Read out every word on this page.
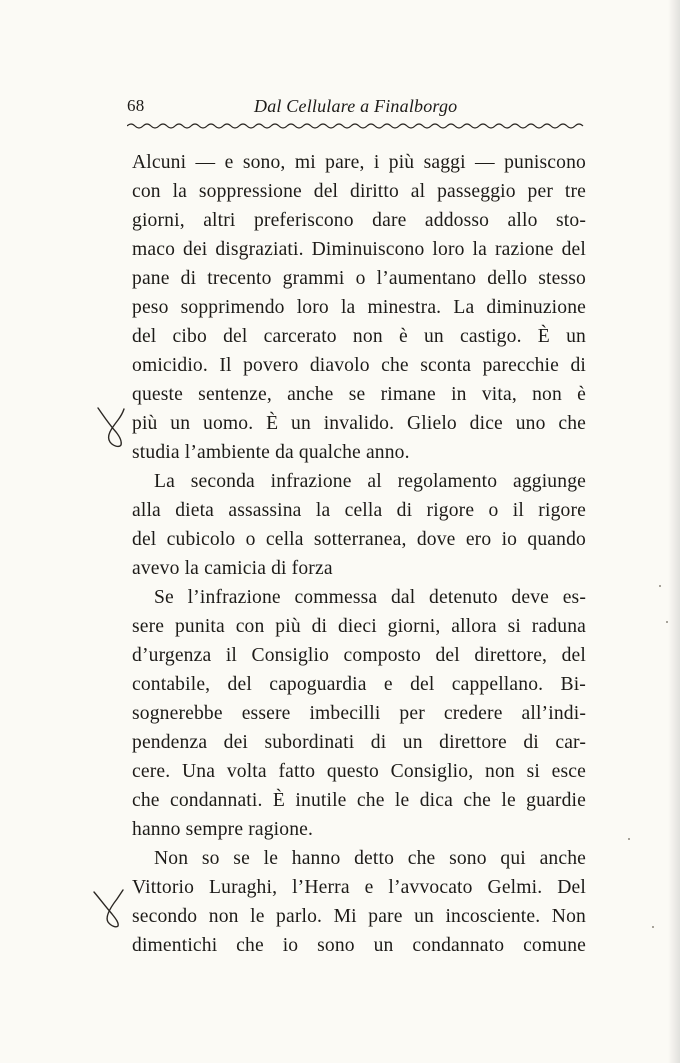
68	Dal Cellulare a Finalborgo
Alcuni — e sono, mi pare, i più saggi — puniscono
con la soppressione del diritto al passeggio per tre
giorni, altri preferiscono dare addosso allo sto-
maco dei disgraziati. Diminuiscono loro la razione del
pane di trecento grammi o l’aumentano dello stesso
peso sopprimendo loro la minestra. La diminuzione
del cibo del carcerato non è un castigo. È un
omicidio. Il povero diavolo che sconta parecchie di
queste sentenze, anche se rimane in vita, non è
più un uomo. È un invalido. Glielo dice uno che
studia l’ambiente da qualche anno.
La seconda infrazione al regolamento aggiunge
alla dieta assassina la cella di rigore o il rigore
del cubicolo o cella sotterranea, dove ero io quando
avevo la camicia di forza
Se l’infrazione commessa dal detenuto deve es-
sere punita con più di dieci giorni, allora si raduna
d’urgenza il Consiglio composto del direttore, del
contabile, del capoguardia e del cappellano. Bi-
sognerebbe essere imbecilli per credere all’indi-
pendenza dei subordinati di un direttore di car-
cere. Una volta fatto questo Consiglio, non si esce
che condannati. È inutile che le dica che le guardie
hanno sempre ragione.
Non so se le hanno detto che sono qui anche
Vittorio Luraghi, l’Herra e l’avvocato Gelmi. Del
secondo non le parlo. Mi pare un incosciente. Non
dimentichi che io sono un condannato comune
